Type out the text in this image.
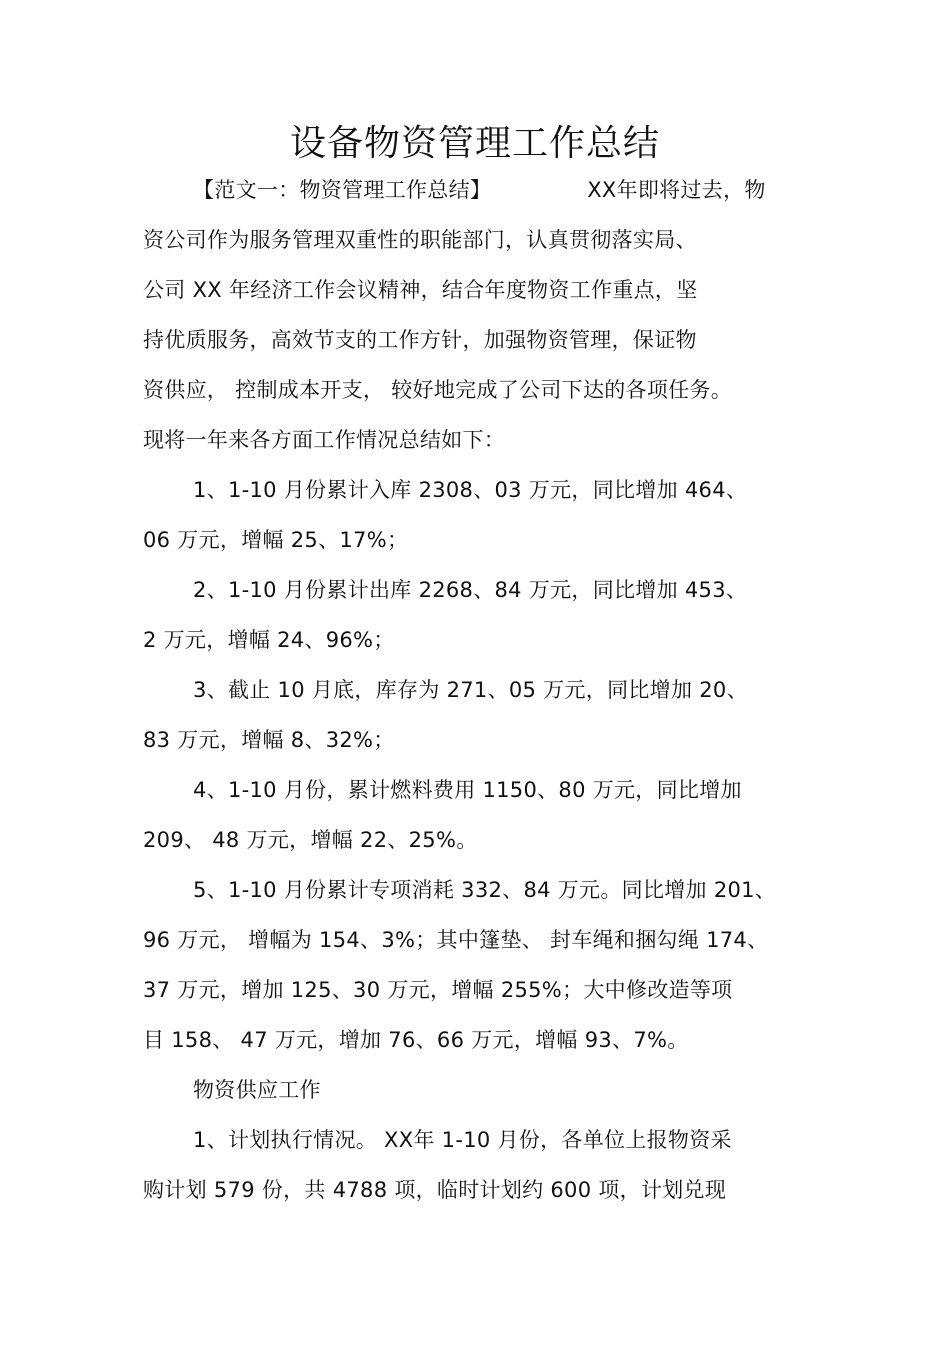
设备物资管理工作总结
【范文一：物资管理工作总结】	XX年即将过去，物
资公司作为服务管理双重性的职能部门，认真贯彻落实局、
公司 XX 年经济工作会议精神，结合年度物资工作重点，坚
持优质服务，高效节支的工作方针，加强物资管理，保证物
资供应， 控制成本开支， 较好地完成了公司下达的各项任务。
现将一年来各方面工作情况总结如下：
1、1-10 月份累计入库 2308、03 万元，同比增加 464、
06 万元，增幅 25、17%；
2、1-10 月份累计出库 2268、84 万元，同比增加 453、
2 万元，增幅 24、96%；
3、截止 10 月底，库存为 271、05 万元，同比增加 20、
83 万元，增幅 8、32%；
4、1-10 月份，累计燃料费用 1150、80 万元，同比增加
209、 48 万元，增幅 22、25%。
5、1-10 月份累计专项消耗 332、84 万元。同比增加 201、
96 万元， 增幅为 154、3%；其中篷垫、 封车绳和捆勾绳 174、
37 万元，增加 125、30 万元，增幅 255%；大中修改造等项
目 158、 47 万元，增加 76、66 万元，增幅 93、7%。
物资供应工作
1、计划执行情况。 XX年 1-10 月份，各单位上报物资采
购计划 579 份，共 4788 项，临时计划约 600 项，计划兑现
